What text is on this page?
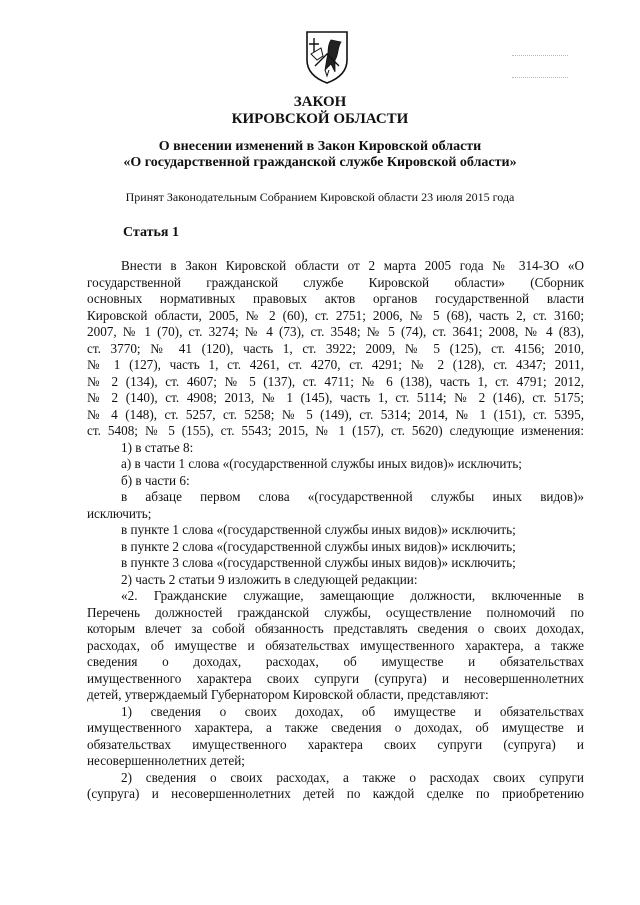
ЗАКОН
КИРОВСКОЙ ОБЛАСТИ
О внесении изменений в Закон Кировской области
«О государственной гражданской службе Кировской области»
Принят Законодательным Собранием Кировской области 23 июля 2015 года
Статья 1

Внести в Закон Кировской области от 2 марта 2005 года № 314-ЗО «О

государственной гражданской службе Кировской области» (Сборник

основных нормативных правовых актов органов государственной власти

Кировской области, 2005, № 2 (60), ст. 2751; 2006, № 5 (68), часть 2, ст. 3160;

2007, № 1 (70), ст. 3274; № 4 (73), ст. 3548; № 5 (74), ст. 3641; 2008, № 4 (83),

ст. 3770; № 41 (120), часть 1, ст. 3922; 2009, № 5 (125), ст. 4156; 2010,

№ 1 (127), часть 1, ст. 4261, ст. 4270, ст. 4291; № 2 (128), ст. 4347; 2011,

№ 2 (134), ст. 4607; № 5 (137), ст. 4711; № 6 (138), часть 1, ст. 4791; 2012,

№ 2 (140), ст. 4908; 2013, № 1 (145), часть 1, ст. 5114; № 2 (146), ст. 5175;

№ 4 (148), ст. 5257, ст. 5258; № 5 (149), ст. 5314; 2014, № 1 (151), ст. 5395,

ст. 5408; № 5 (155), ст. 5543; 2015, № 1 (157), ст. 5620) следующие изменения:

1) в статье 8:

а) в части 1 слова «(государственной службы иных видов)» исключить;

б) в части 6:

в абзаце первом слова «(государственной службы иных видов)»

исключить;

в пункте 1 слова «(государственной службы иных видов)» исключить;

в пункте 2 слова «(государственной службы иных видов)» исключить;

в пункте 3 слова «(государственной службы иных видов)» исключить;

2) часть 2 статьи 9 изложить в следующей редакции:

«2. Гражданские служащие, замещающие должности, включенные в

Перечень должностей гражданской службы, осуществление полномочий по

которым влечет за собой обязанность представлять сведения о своих доходах,

расходах, об имуществе и обязательствах имущественного характера, а также

сведения о доходах, расходах, об имуществе и обязательствах

имущественного характера своих супруги (супруга) и несовершеннолетних

детей, утверждаемый Губернатором Кировской области, представляют:

1) сведения о своих доходах, об имуществе и обязательствах

имущественного характера, а также сведения о доходах, об имуществе и

обязательствах имущественного характера своих супруги (супруга) и

несовершеннолетних детей;

2) сведения о своих расходах, а также о расходах своих супруги

(супруга) и несовершеннолетних детей по каждой сделке по приобретению
